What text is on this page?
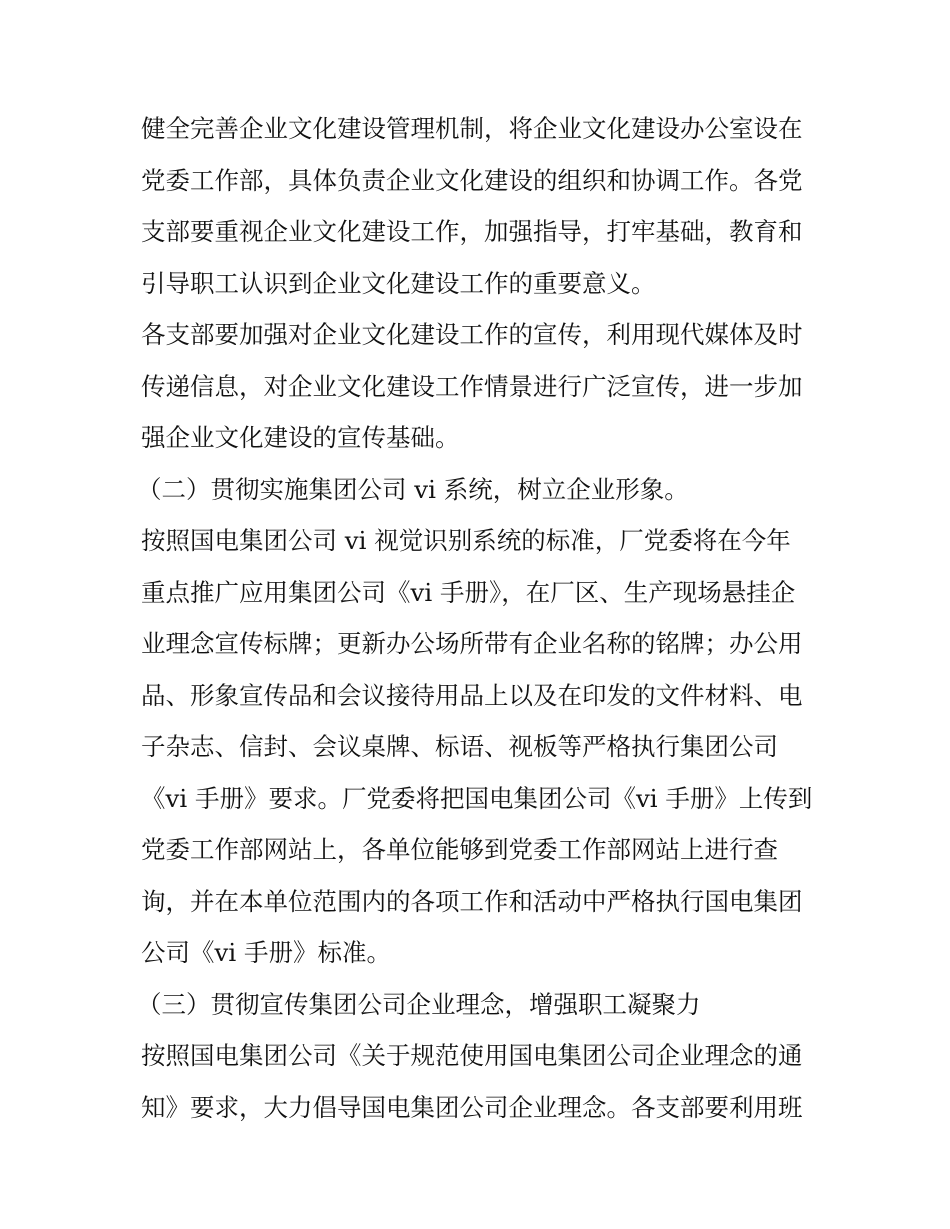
健全完善企业文化建设管理机制，将企业文化建设办公室设在
党委工作部，具体负责企业文化建设的组织和协调工作。各党
支部要重视企业文化建设工作，加强指导，打牢基础，教育和
引导职工认识到企业文化建设工作的重要意义。
各支部要加强对企业文化建设工作的宣传，利用现代媒体及时
传递信息，对企业文化建设工作情景进行广泛宣传，进一步加
强企业文化建设的宣传基础。
（二）贯彻实施集团公司 vi 系统，树立企业形象。
按照国电集团公司 vi 视觉识别系统的标准，厂党委将在今年
重点推广应用集团公司《vi 手册》，在厂区、生产现场悬挂企
业理念宣传标牌；更新办公场所带有企业名称的铭牌；办公用
品、形象宣传品和会议接待用品上以及在印发的文件材料、电
子杂志、信封、会议桌牌、标语、视板等严格执行集团公司
《vi 手册》要求。厂党委将把国电集团公司《vi 手册》上传到
党委工作部网站上，各单位能够到党委工作部网站上进行查
询，并在本单位范围内的各项工作和活动中严格执行国电集团
公司《vi 手册》标准。
（三）贯彻宣传集团公司企业理念，增强职工凝聚力
按照国电集团公司《关于规范使用国电集团公司企业理念的通
知》要求，大力倡导国电集团公司企业理念。各支部要利用班
